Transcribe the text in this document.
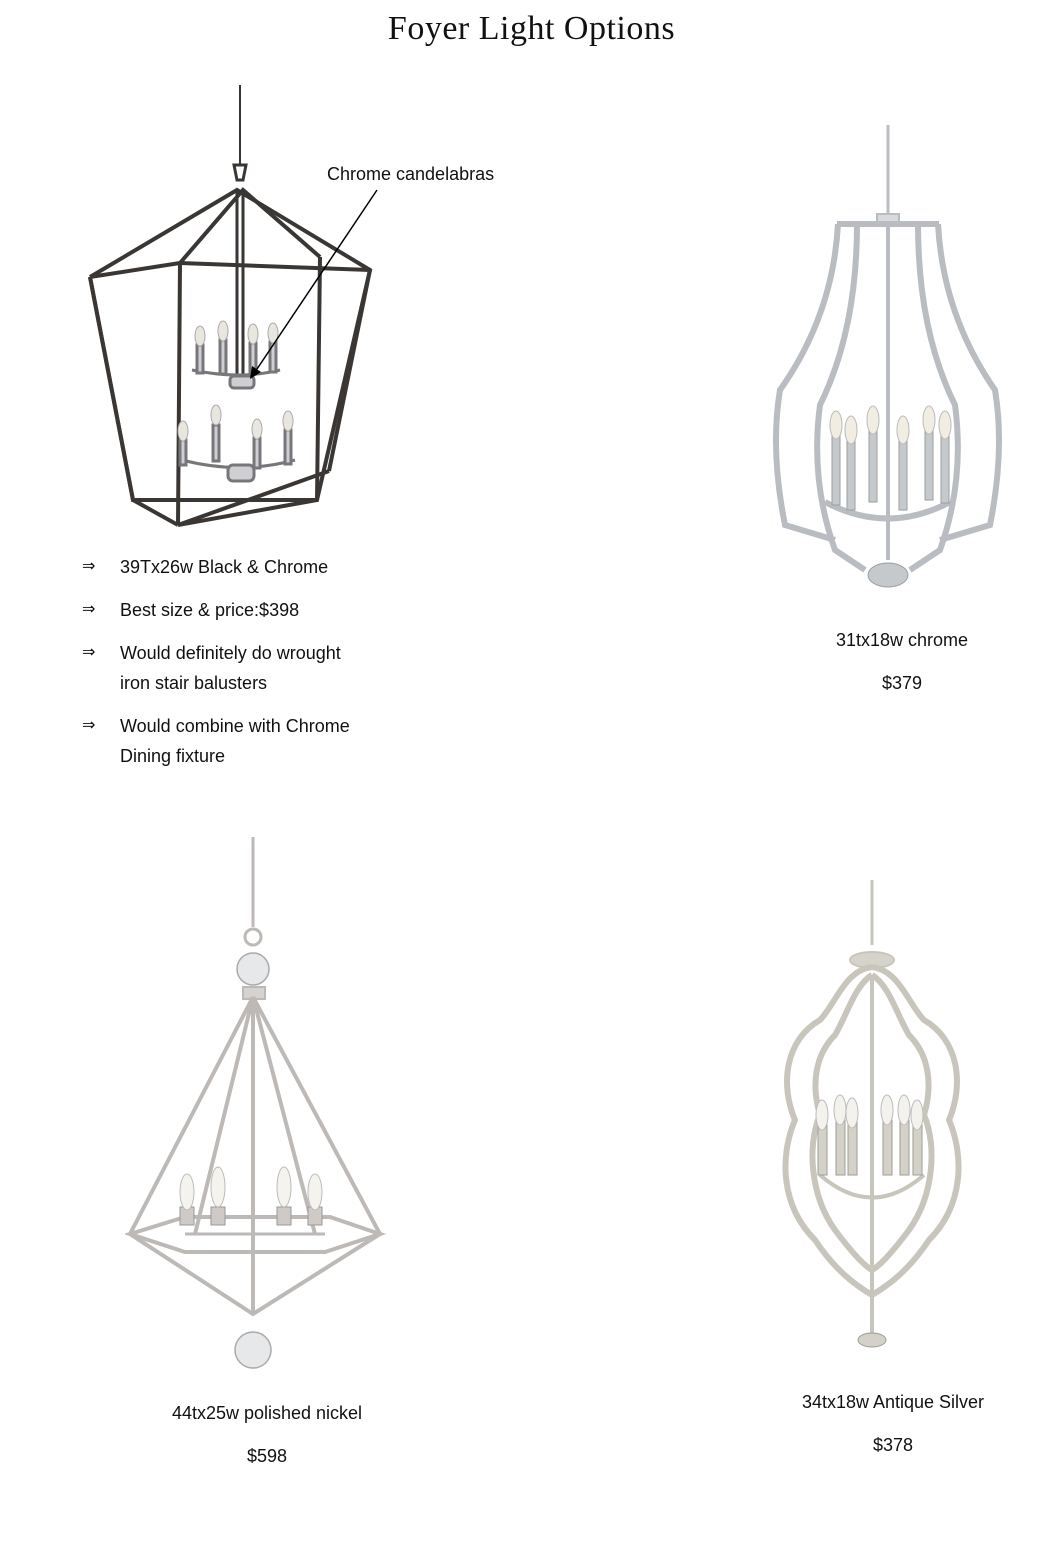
Foyer Light Options
Chrome candelabras
⇒	39Tx26w Black & Chrome
⇒	Best size & price:$398
⇒	Would definitely do wrought
iron stair balusters
⇒	Would combine with Chrome
Dining fixture
31tx18w chrome
$379
44tx25w polished nickel
$598
34tx18w Antique Silver
$378
